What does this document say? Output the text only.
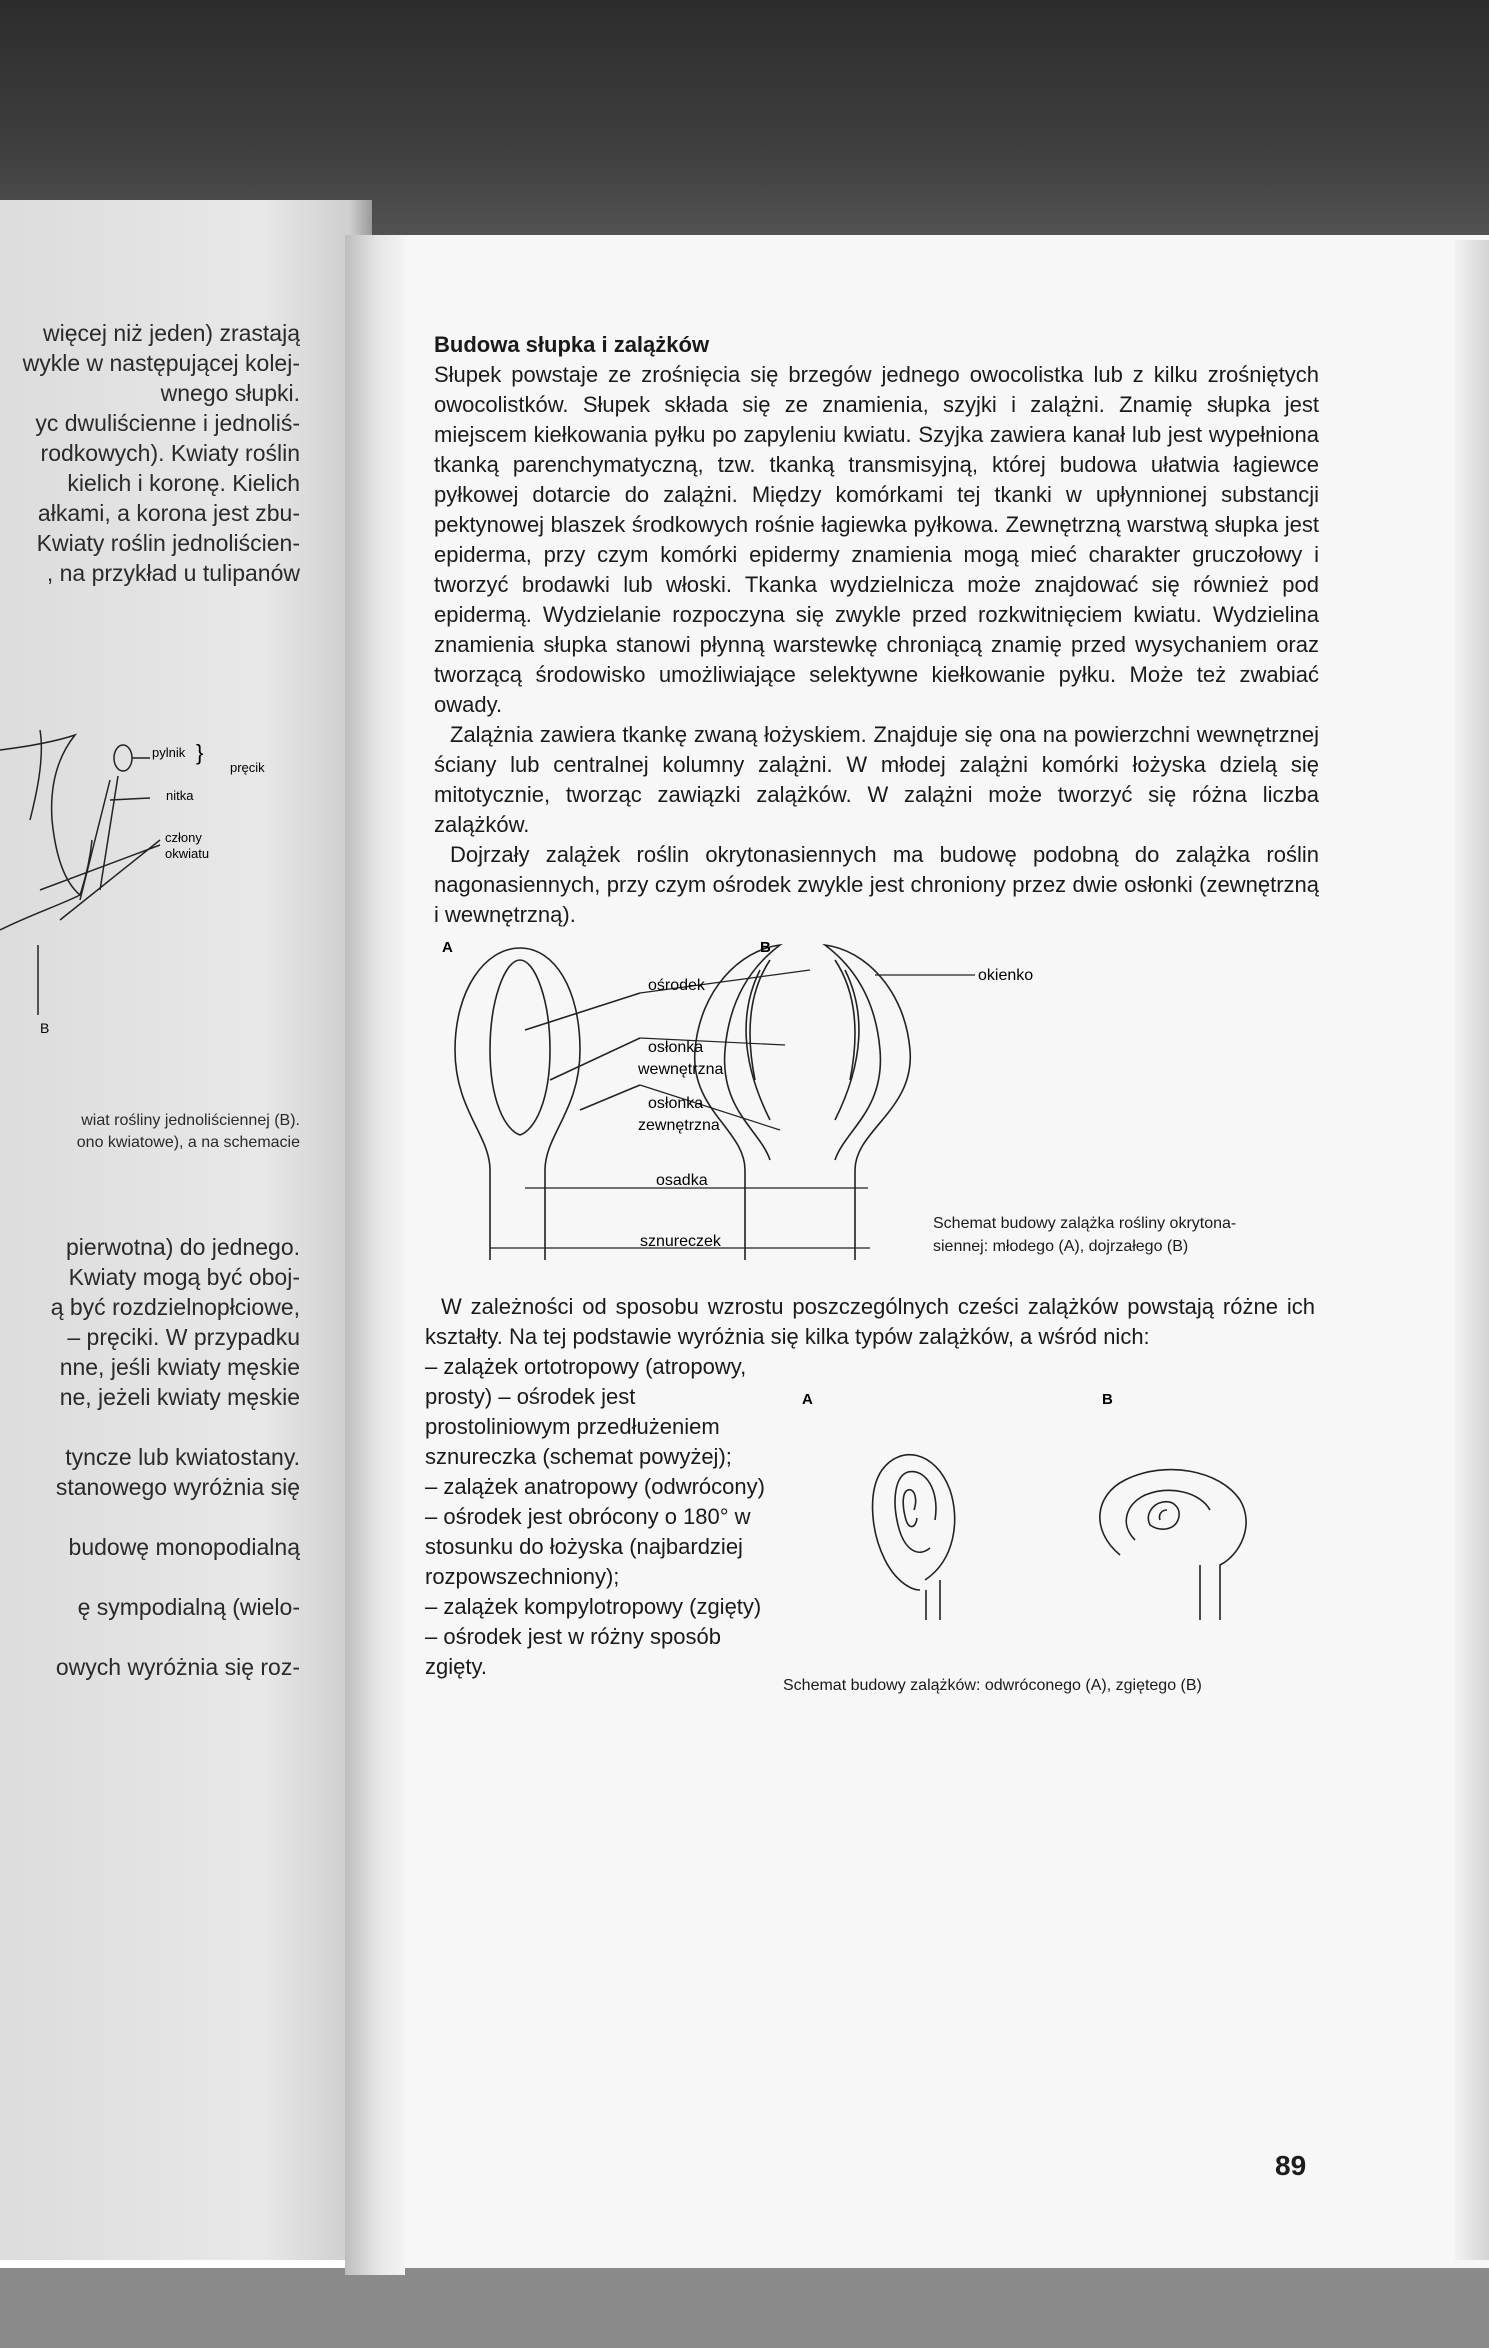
więcej niż jeden) zrastają
wykle w następującej kolej-
wnego słupki.
yc dwuliścienne i jednoliś-
rodkowych). Kwiaty roślin
kielich i koronę. Kielich
ałkami, a korona jest zbu-
Kwiaty roślin jednoliścien-
, na przykład u tulipanów
pylnik
pręcik
}
nitka
człony
okwiatu
B
wiat rośliny jednoliściennej (B).
ono kwiatowe), a na schemacie
pierwotna) do jednego.
Kwiaty mogą być oboj-
ą być rozdzielnopłciowe,
– pręciki. W przypadku
nne, jeśli kwiaty męskie
ne, jeżeli kwiaty męskie

tyncze lub kwiatostany.
stanowego wyróżnia się

budowę monopodialną

ę sympodialną (wielo-

owych wyróżnia się roz-

Budowa słupka i zalążków

Słupek powstaje ze zrośnięcia się brzegów jednego owocolistka lub z kilku zrośniętych owocolistków. Słupek składa się ze znamienia, szyjki i zalążni. Znamię słupka jest miejscem kiełkowania pyłku po zapyleniu kwiatu. Szyjka zawiera kanał lub jest wypełniona tkanką parenchymatyczną, tzw. tkanką transmisyjną, której budowa ułatwia łagiewce pyłkowej dotarcie do zalążni. Między komórkami tej tkanki w upłynnionej substancji pektynowej blaszek środkowych rośnie łagiewka pyłkowa. Zewnętrzną warstwą słupka jest epiderma, przy czym komórki epidermy znamienia mogą mieć charakter gruczołowy i tworzyć brodawki lub włoski. Tkanka wydzielnicza może znajdować się również pod epidermą. Wydzielanie rozpoczyna się zwykle przed rozkwitnięciem kwiatu. Wydzielina znamienia słupka stanowi płynną warstewkę chroniącą znamię przed wysychaniem oraz tworzącą środowisko umożliwiające selektywne kiełkowanie pyłku. Może też zwabiać owady.

Zalążnia zawiera tkankę zwaną łożyskiem. Znajduje się ona na powierzchni wewnętrznej ściany lub centralnej kolumny zalążni. W młodej zalążni komórki łożyska dzielą się mitotycznie, tworząc zawiązki zalążków. W zalążni może tworzyć się różna liczba zalążków.

Dojrzały zalążek roślin okrytonasiennych ma budowę podobną do zalążka roślin nagonasiennych, przy czym ośrodek zwykle jest chroniony przez dwie osłonki (zewnętrzną i wewnętrzną).

A	B
ośrodek
osłonka
wewnętrzna
osłonka
zewnętrzna
osadka
sznureczek
okienko
Schemat budowy zalążka rośliny okrytona-
siennej: młodego (A), dojrzałego (B)

W zależności od sposobu wzrostu poszczególnych cześci zalążków powstają różne ich kształty. Na tej podstawie wyróżnia się kilka typów zalążków, a wśród nich:

– zalążek ortotropowy (atropowy, prosty) – ośrodek jest prostoliniowym przedłużeniem sznureczka (schemat powyżej);

– zalążek anatropowy (odwrócony) – ośrodek jest obrócony o 180° w stosunku do łożyska (najbardziej rozpowszechniony);

– zalążek kompylotropowy (zgięty) – ośrodek jest w różny sposób zgięty.

A	B
Schemat budowy zalążków: odwróconego (A), zgiętego (B)
89
